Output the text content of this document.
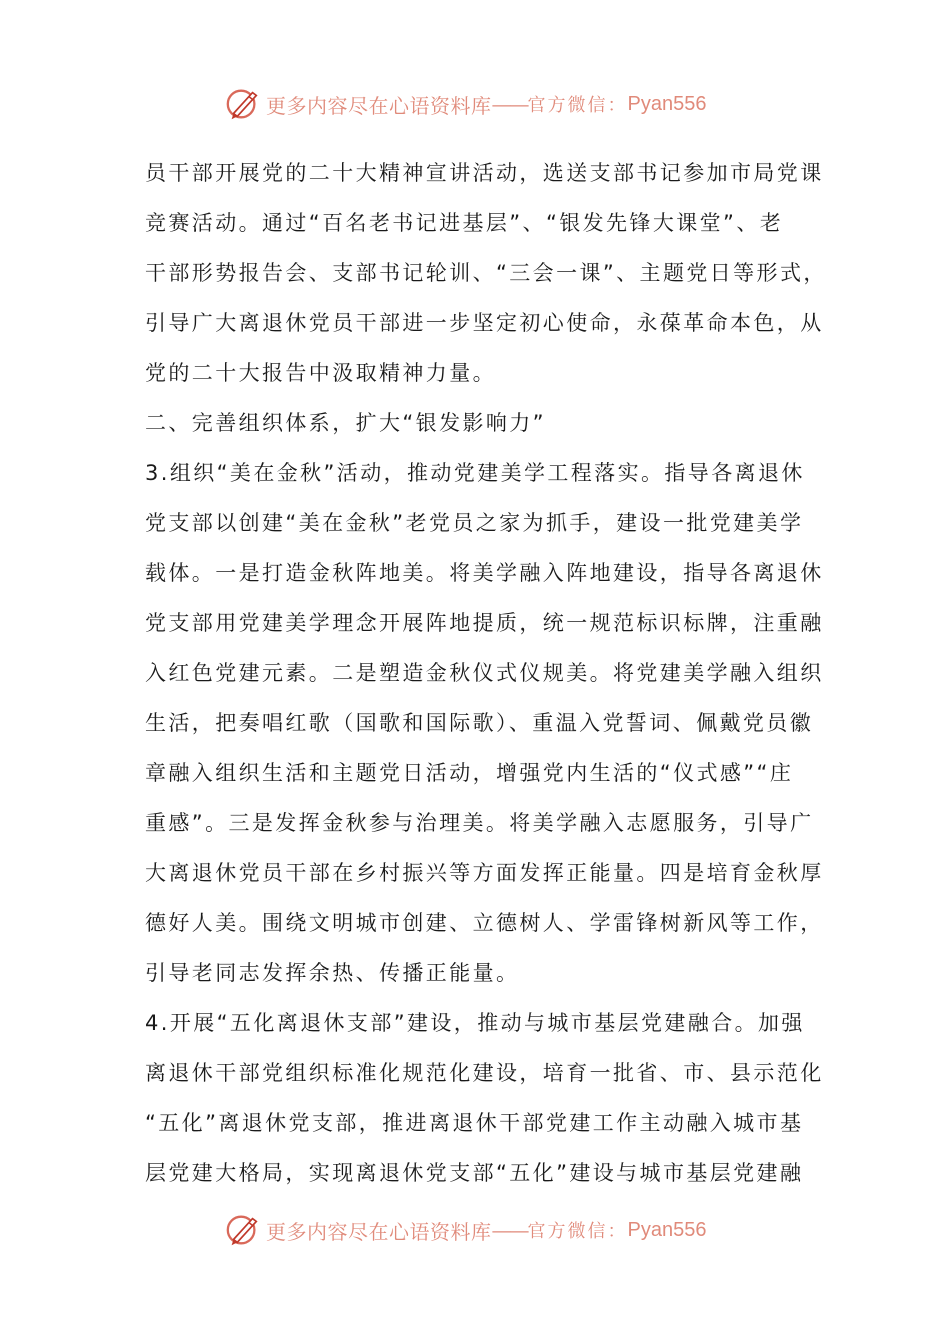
更多内容尽在心语资料库 —— 官方微信： Pyan556
员干部开展党的二十大精神宣讲活动，选送支部书记参加市局党课
竞赛活动。通过“百名老书记进基层”、“银发先锋大课堂”、老
干部形势报告会、支部书记轮训、“三会一课”、主题党日等形式，
引导广大离退休党员干部进一步坚定初心使命，永葆革命本色，从
党的二十大报告中汲取精神力量。
二、完善组织体系，扩大“银发影响力”
3.组织“美在金秋”活动，推动党建美学工程落实。指导各离退休
党支部以创建“美在金秋”老党员之家为抓手，建设一批党建美学
载体。一是打造金秋阵地美。将美学融入阵地建设，指导各离退休
党支部用党建美学理念开展阵地提质，统一规范标识标牌，注重融
入红色党建元素。二是塑造金秋仪式仪规美。将党建美学融入组织
生活，把奏唱红歌（国歌和国际歌）、重温入党誓词、佩戴党员徽
章融入组织生活和主题党日活动，增强党内生活的“仪式感”“庄
重感”。三是发挥金秋参与治理美。将美学融入志愿服务，引导广
大离退休党员干部在乡村振兴等方面发挥正能量。四是培育金秋厚
德好人美。围绕文明城市创建、立德树人、学雷锋树新风等工作，
引导老同志发挥余热、传播正能量。
4.开展“五化离退休支部”建设，推动与城市基层党建融合。加强
离退休干部党组织标准化规范化建设，培育一批省、市、县示范化
“五化”离退休党支部，推进离退休干部党建工作主动融入城市基
层党建大格局，实现离退休党支部“五化”建设与城市基层党建融
更多内容尽在心语资料库 —— 官方微信： Pyan556
